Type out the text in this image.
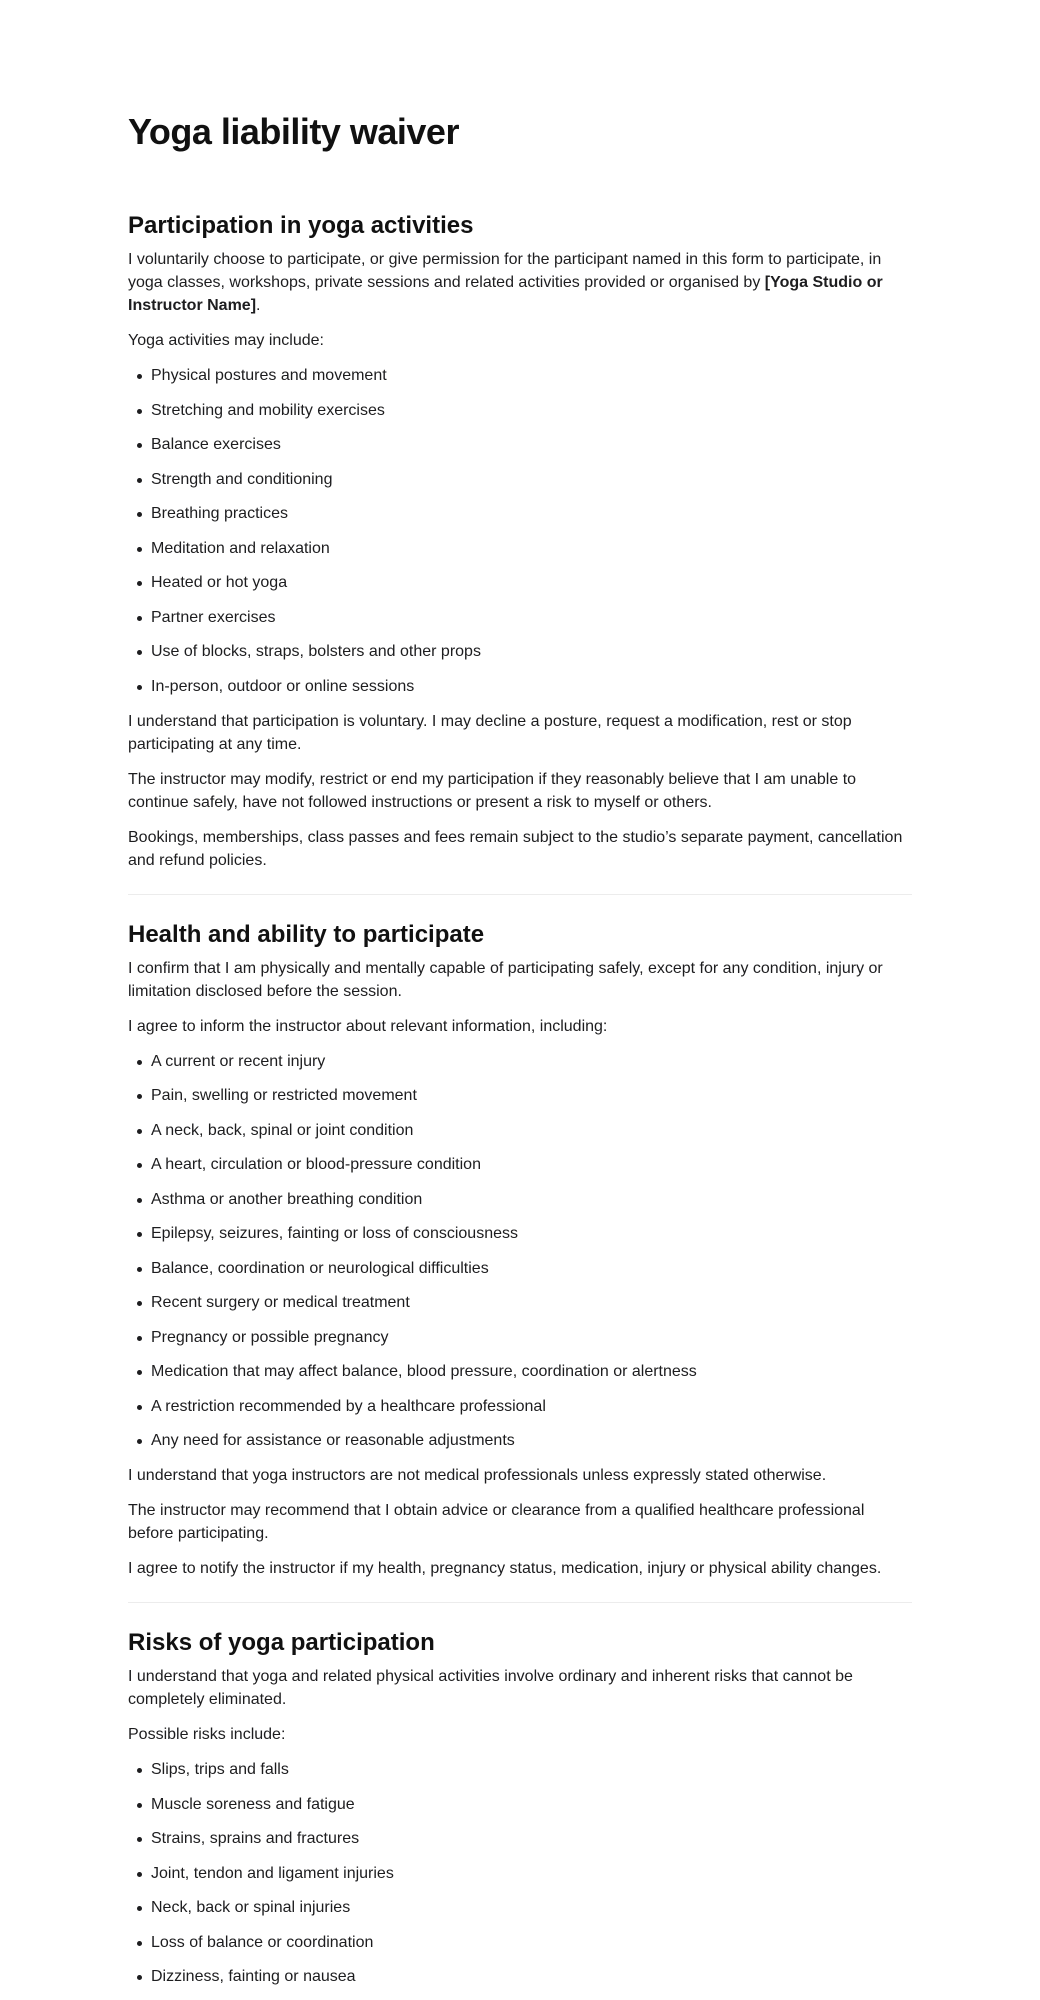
Yoga liability waiver
Participation in yoga activities

I voluntarily choose to participate, or give permission for the participant named in this form to participate, in yoga classes, workshops, private sessions and related activities provided or organised by [Yoga Studio or Instructor Name].

Yoga activities may include:

Physical postures and movement
Stretching and mobility exercises
Balance exercises
Strength and conditioning
Breathing practices
Meditation and relaxation
Heated or hot yoga
Partner exercises
Use of blocks, straps, bolsters and other props
In-person, outdoor or online sessions

I understand that participation is voluntary. I may decline a posture, request a modification, rest or stop participating at any time.

The instructor may modify, restrict or end my participation if they reasonably believe that I am unable to continue safely, have not followed instructions or present a risk to myself or others.

Bookings, memberships, class passes and fees remain subject to the studio’s separate payment, cancellation and refund policies.

Health and ability to participate

I confirm that I am physically and mentally capable of participating safely, except for any condition, injury or limitation disclosed before the session.

I agree to inform the instructor about relevant information, including:

A current or recent injury
Pain, swelling or restricted movement
A neck, back, spinal or joint condition
A heart, circulation or blood-pressure condition
Asthma or another breathing condition
Epilepsy, seizures, fainting or loss of consciousness
Balance, coordination or neurological difficulties
Recent surgery or medical treatment
Pregnancy or possible pregnancy
Medication that may affect balance, blood pressure, coordination or alertness
A restriction recommended by a healthcare professional
Any need for assistance or reasonable adjustments

I understand that yoga instructors are not medical professionals unless expressly stated otherwise.

The instructor may recommend that I obtain advice or clearance from a qualified healthcare professional before participating.

I agree to notify the instructor if my health, pregnancy status, medication, injury or physical ability changes.

Risks of yoga participation

I understand that yoga and related physical activities involve ordinary and inherent risks that cannot be completely eliminated.

Possible risks include:

Slips, trips and falls
Muscle soreness and fatigue
Strains, sprains and fractures
Joint, tendon and ligament injuries
Neck, back or spinal injuries
Loss of balance or coordination
Dizziness, fainting or nausea
